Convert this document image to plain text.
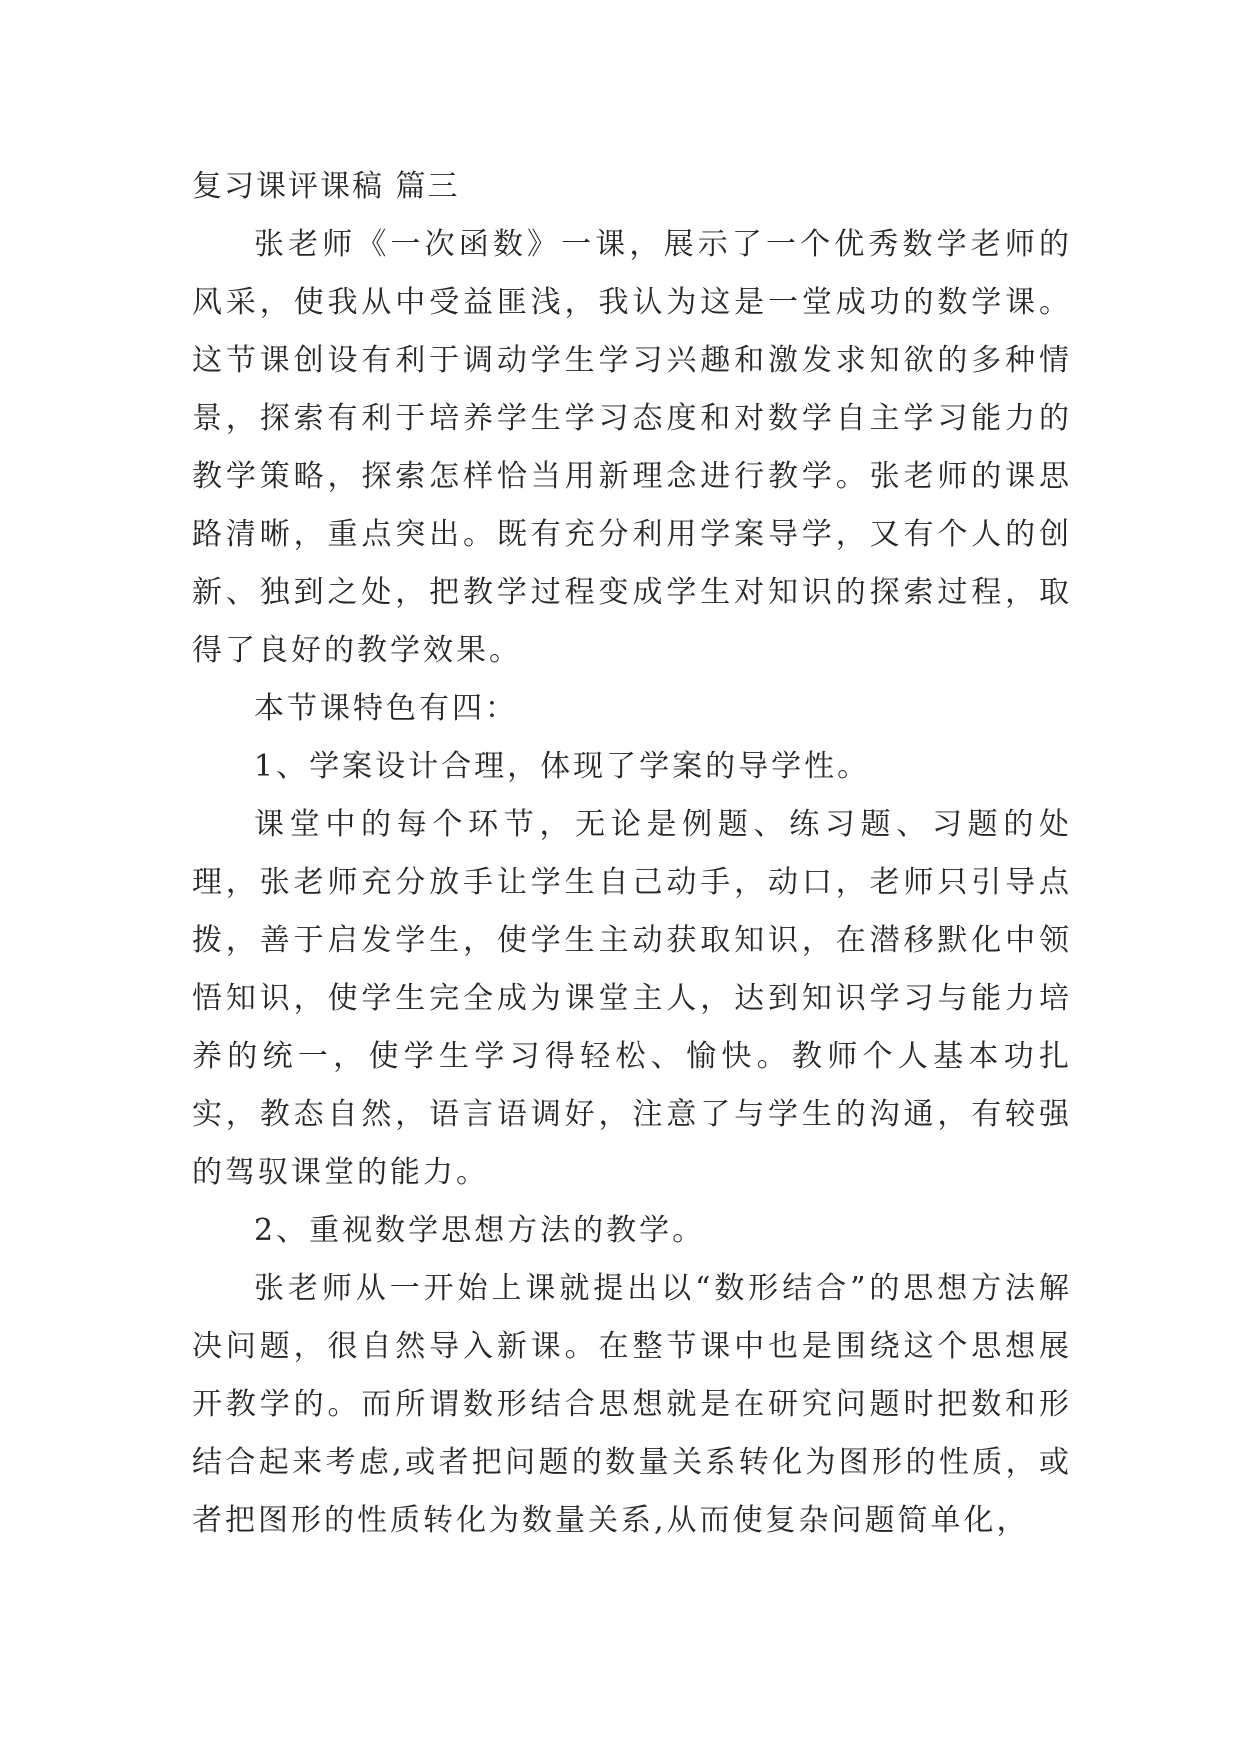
复习课评课稿 篇三

张老师《一次函数》一课，展示了一个优秀数学老师的风采，使我从中受益匪浅，我认为这是一堂成功的数学课。这节课创设有利于调动学生学习兴趣和激发求知欲的多种情景，探索有利于培养学生学习态度和对数学自主学习能力的教学策略，探索怎样恰当用新理念进行教学。张老师的课思路清晰，重点突出。既有充分利用学案导学，又有个人的创新、独到之处，把教学过程变成学生对知识的探索过程，取得了良好的教学效果。

本节课特色有四：

1、学案设计合理，体现了学案的导学性。

课堂中的每个环节，无论是例题、练习题、习题的处理，张老师充分放手让学生自己动手，动口，老师只引导点拨，善于启发学生，使学生主动获取知识，在潜移默化中领悟知识，使学生完全成为课堂主人，达到知识学习与能力培养的统一，使学生学习得轻松、愉快。教师个人基本功扎实，教态自然，语言语调好，注意了与学生的沟通，有较强的驾驭课堂的能力。

2、重视数学思想方法的教学。

张老师从一开始上课就提出以“数形结合”的思想方法解决问题，很自然导入新课。在整节课中也是围绕这个思想展开教学的。而所谓数形结合思想就是在研究问题时把数和形结合起来考虑,或者把问题的数量关系转化为图形的性质，或者把图形的性质转化为数量关系,从而使复杂问题简单化，
